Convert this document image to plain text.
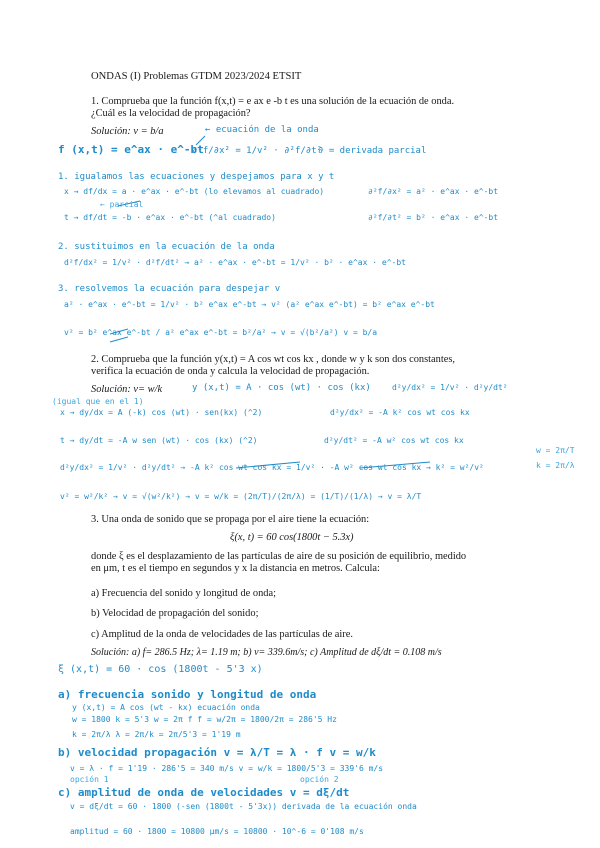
ONDAS (I) Problemas GTDM 2023/2024 ETSIT
1. Comprueba que la función f(x,t) = e ax e -b t es una solución de la ecuación de onda.
¿Cuál es la velocidad de propagación?
Solución: v = b/a	← ecuación de la onda
f (x,t) = e^ax · e^-bt
∂²f/∂x² = 1/v² · ∂²f/∂t²
∂ = derivada parcial
1. igualamos las ecuaciones y despejamos para x y t
x → df/dx = a · e^ax · e^-bt (lo elevamos al cuadrado)	∂²f/∂x² = a² · e^ax · e^-bt
← parcial
t → df/dt = -b · e^ax · e^-bt (^al cuadrado)	∂²f/∂t² = b² · e^ax · e^-bt
2. sustituimos en la ecuación de la onda
d²f/dx² = 1/v² · d²f/dt² → a² · e^ax · e^-bt = 1/v² · b² · e^ax · e^-bt
3. resolvemos la ecuación para despejar v
a² · e^ax · e^-bt = 1/v² · b² e^ax e^-bt → v² (a² e^ax e^-bt) = b² e^ax e^-bt
v² = b² e^ax e^-bt / a² e^ax e^-bt = b²/a² → v = √(b²/a²) v = b/a
2. Comprueba que la función y(x,t) = A cos wt cos kx , donde w y k son dos constantes,
verifica la ecuación de onda y calcula la velocidad de propagación.
Solución: v= w/k	y (x,t) = A · cos (wt) · cos (kx)	d²y/dx² = 1/v² · d²y/dt²
(igual que en el 1)
x → dy/dx = A (-k) cos (wt) · sen(kx) (^2)	d²y/dx² = -A k² cos wt cos kx
t → dy/dt = -A w sen (wt) · cos (kx) (^2)	d²y/dt² = -A w² cos wt cos kx
w = 2π/T
d²y/dx² = 1/v² · d²y/dt² → -A k² cos wt cos kx = 1/v² · -A w² cos wt cos kx → k² = w²/v²	k = 2π/λ
v² = w²/k² → v = √(w²/k²) → v = w/k = (2π/T)/(2π/λ) = (1/T)/(1/λ) → v = λ/T
3. Una onda de sonido que se propaga por el aire tiene la ecuación:
ξ(x, t) = 60 cos(1800t − 5.3x)
donde ξ es el desplazamiento de las partículas de aire de su posición de equilibrio, medido
en μm, t es el tiempo en segundos y x la distancia en metros. Calcula:
a) Frecuencia del sonido y longitud de onda;
b) Velocidad de propagación del sonido;
c) Amplitud de la onda de velocidades de las partículas de aire.
Solución: a) f= 286.5 Hz; λ= 1.19 m; b) v= 339.6m/s; c) Amplitud de dξ/dt = 0.108 m/s
ξ (x,t) = 60 · cos (1800t - 5'3 x)
a) frecuencia sonido y longitud de onda
y (x,t) = A cos (wt - kx) ecuación onda
w = 1800 k = 5'3 w = 2π f f = w/2π = 1800/2π = 286'5 Hz
k = 2π/λ λ = 2π/k = 2π/5'3 = 1'19 m
b) velocidad propagación v = λ/T = λ · f v = w/k
v = λ · f = 1'19 · 286'5 = 340 m/s v = w/k = 1800/5'3 = 339'6 m/s
opción 1	opción 2
c) amplitud de onda de velocidades v = dξ/dt
v = dξ/dt = 60 · 1800 (-sen (1800t - 5'3x)) derivada de la ecuación onda
amplitud = 60 · 1800 = 10800 μm/s = 10800 · 10^-6 = 0'108 m/s
